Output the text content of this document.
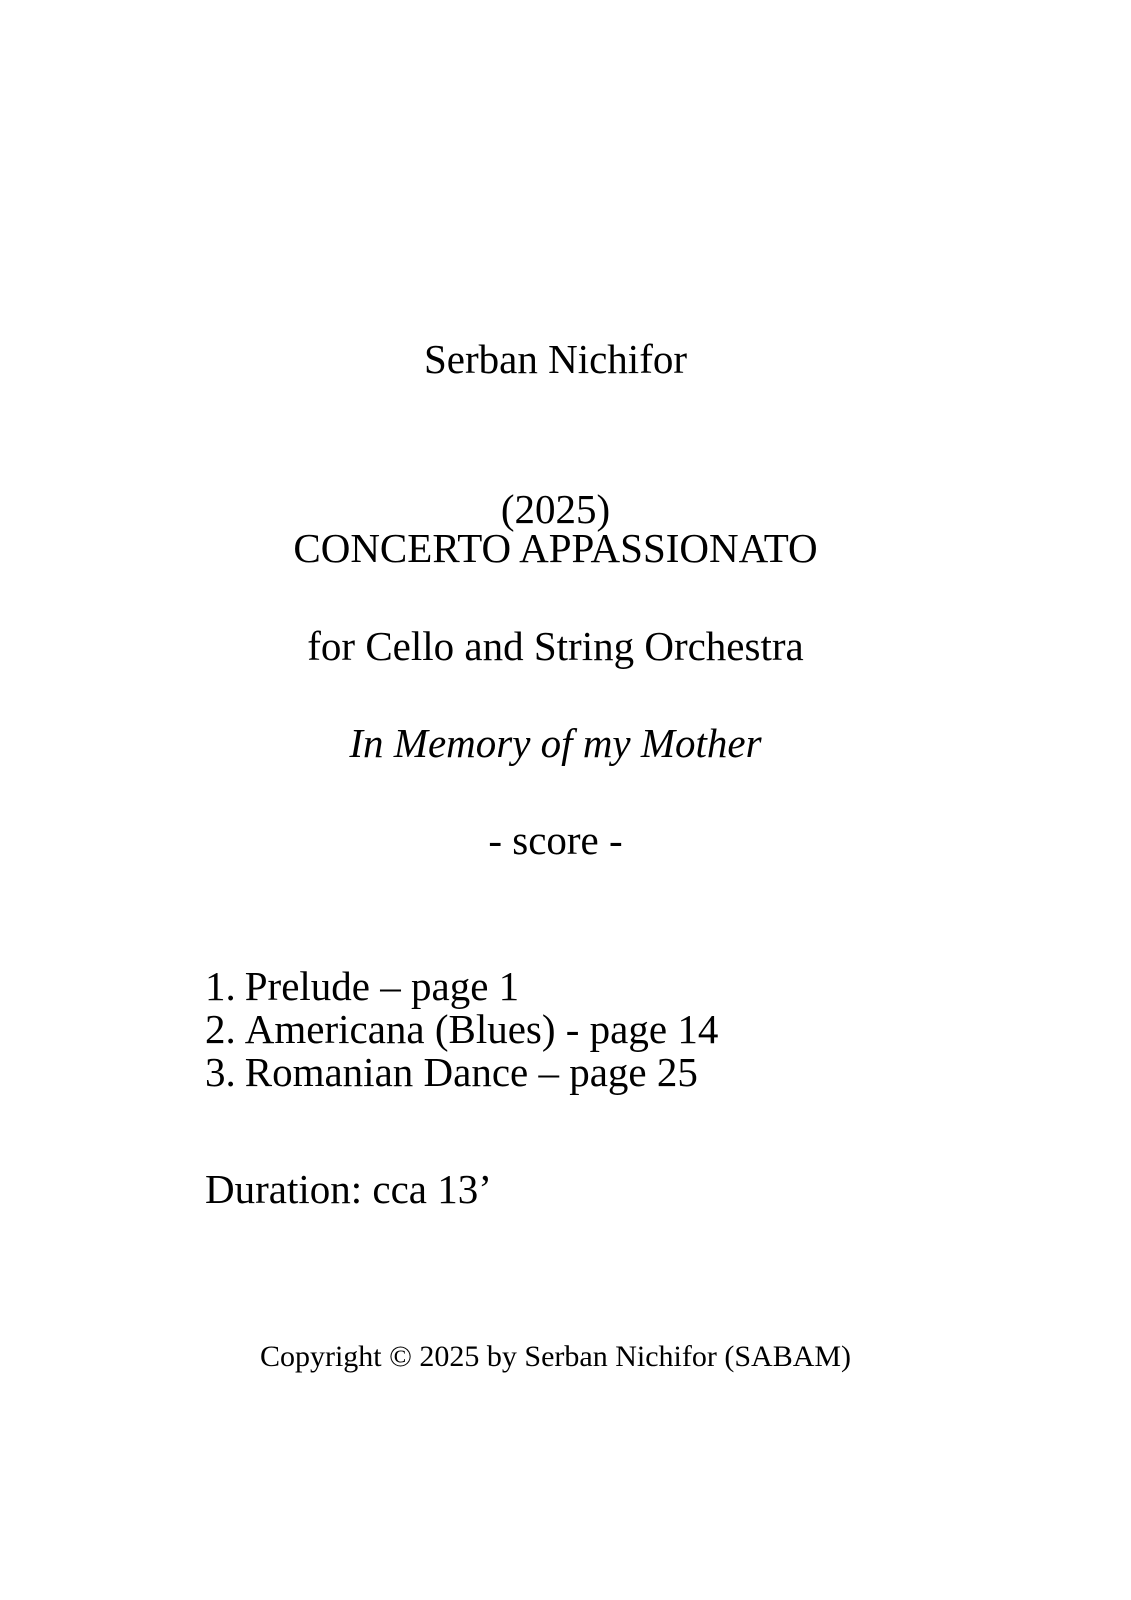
Serban Nichifor

(2025)

CONCERTO APPASSIONATO
for Cello and String Orchestra
In Memory of my Mother
- score -
1. Prelude – page 1
2. Americana (Blues) - page 14
3. Romanian Dance – page 25
Duration: cca 13’
Copyright © 2025 by Serban Nichifor (SABAM)
